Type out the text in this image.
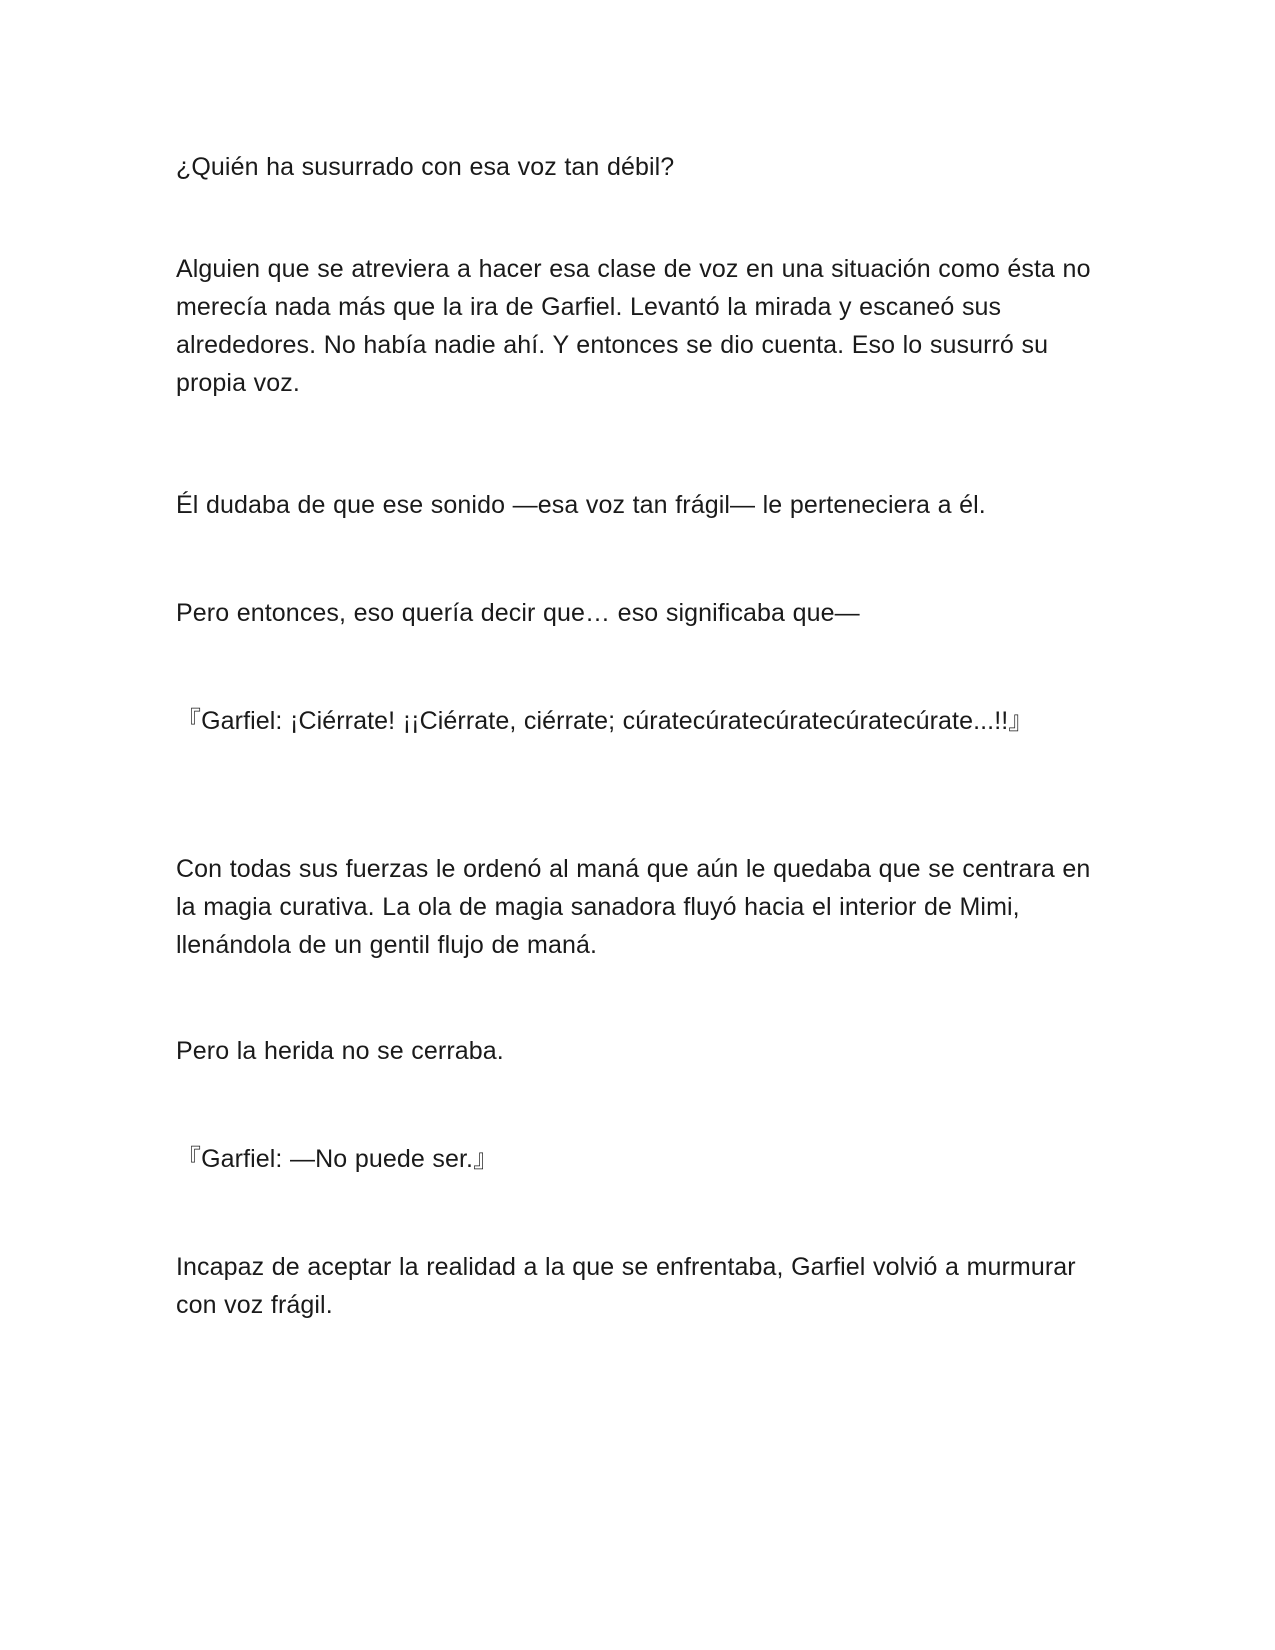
¿Quién ha susurrado con esa voz tan débil?

Alguien que se atreviera a hacer esa clase de voz en una situación como ésta no merecía nada más que la ira de Garfiel. Levantó la mirada y escaneó sus alrededores. No había nadie ahí. Y entonces se dio cuenta. Eso lo susurró su propia voz.

Él dudaba de que ese sonido —esa voz tan frágil— le perteneciera a él.

Pero entonces, eso quería decir que… eso significaba que—

『Garfiel: ¡Ciérrate! ¡¡Ciérrate, ciérrate; cúratecúratecúratecúratecúrate...!!』

Con todas sus fuerzas le ordenó al maná que aún le quedaba que se centrara en la magia curativa. La ola de magia sanadora fluyó hacia el interior de Mimi, llenándola de un gentil flujo de maná.

Pero la herida no se cerraba.

『Garfiel: —No puede ser.』

Incapaz de aceptar la realidad a la que se enfrentaba, Garfiel volvió a murmurar con voz frágil.
